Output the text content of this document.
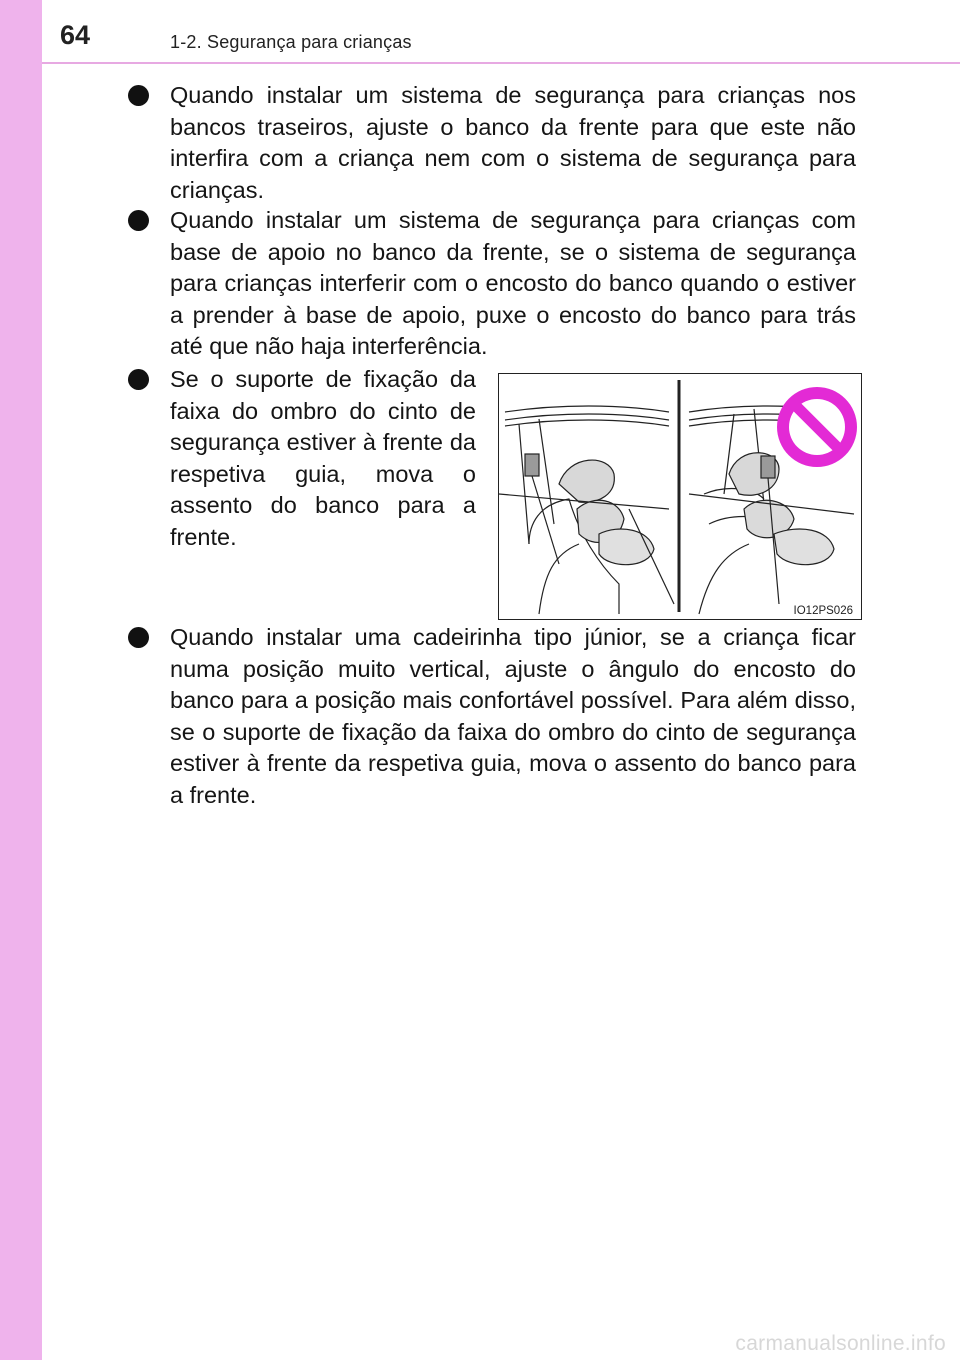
64	1-2. Segurança para crianças
Quando instalar um sistema de segurança para crianças nos bancos traseiros, ajuste o banco da frente para que este não interfira com a criança nem com o sistema de segurança para crianças.
Quando instalar um sistema de segurança para crianças com base de apoio no banco da frente, se o sistema de segurança para crianças interferir com o encosto do banco quando o estiver a prender à base de apoio, puxe o encosto do banco para trás até que não haja interferência.
Se o suporte de fixação da faixa do ombro do cinto de segurança estiver à frente da respetiva guia, mova o assento do banco para a frente.
IO12PS026
Quando instalar uma cadeirinha tipo júnior, se a criança ficar numa posição muito vertical, ajuste o ângulo do encosto do banco para a posição mais confortável possível. Para além disso, se o suporte de fixação da faixa do ombro do cinto de segurança estiver à frente da respetiva guia, mova o assento do banco para a frente.
carmanualsonline.info
